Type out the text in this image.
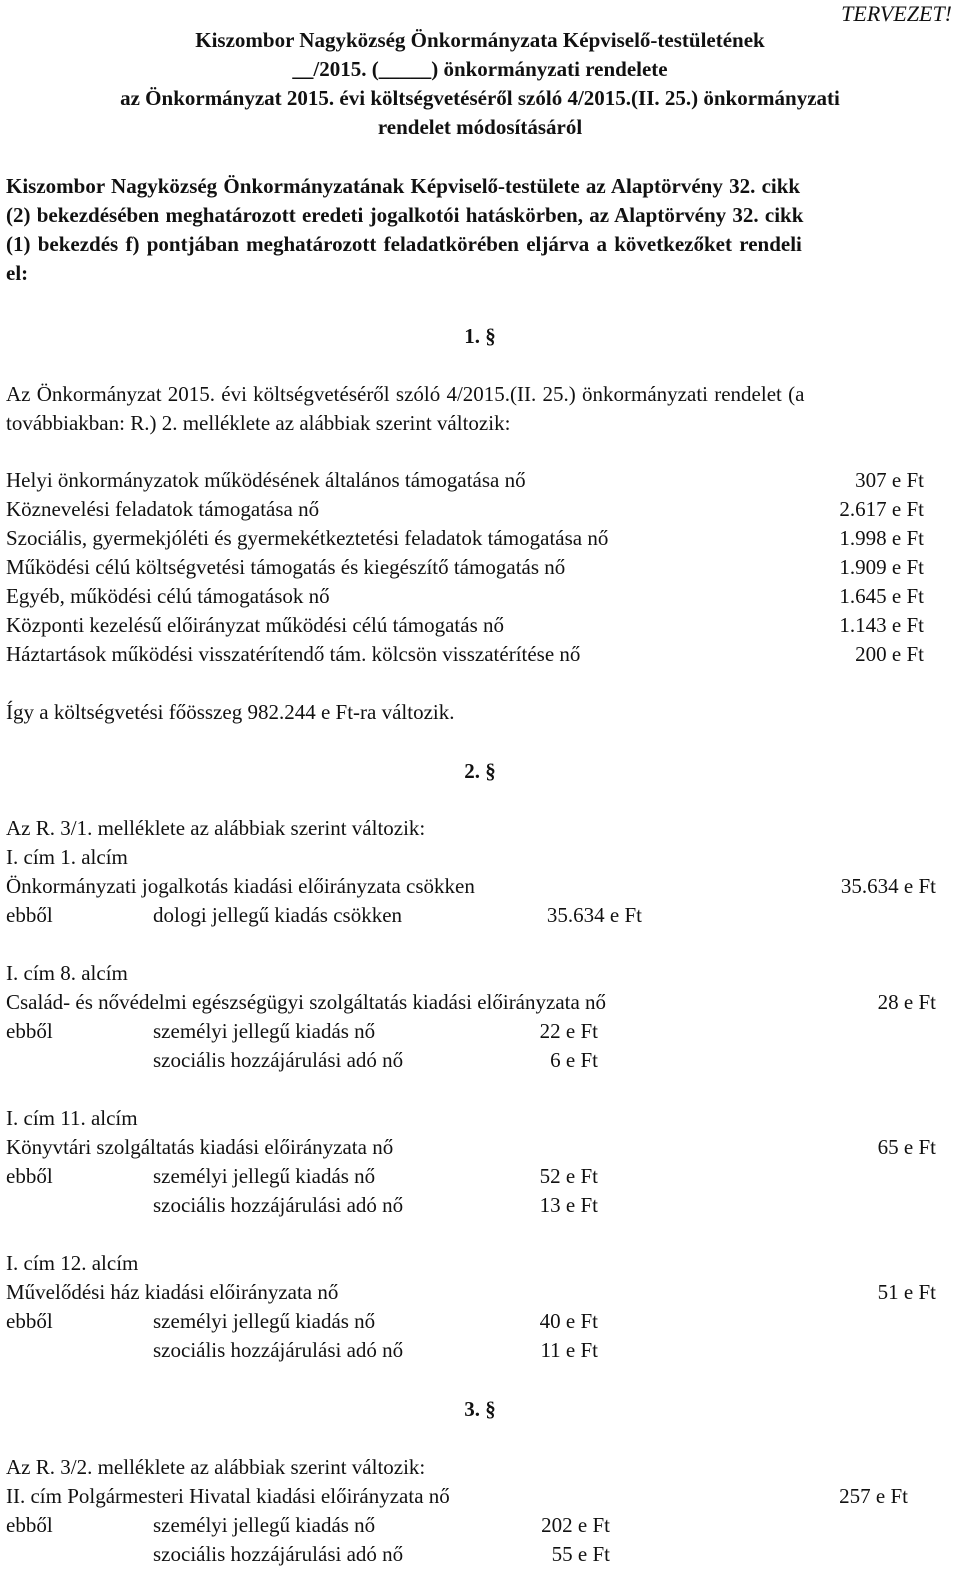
TERVEZET!
Kiszombor Nagyközség Önkormányzata Képviselő-testületének
__/2015. (_____) önkormányzati rendelete
az Önkormányzat 2015. évi költségvetéséről szóló 4/2015.(II. 25.) önkormányzati
rendelet módosításáról
Kiszombor Nagyközség Önkormányzatának Képviselő-testülete az Alaptörvény 32. cikk
(2) bekezdésében meghatározott eredeti jogalkotói hatáskörben, az Alaptörvény 32. cikk
(1) bekezdés f) pontjában meghatározott feladatkörében eljárva a következőket rendeli
el:
1. §
Az Önkormányzat 2015. évi költségvetéséről szóló 4/2015.(II. 25.) önkormányzati rendelet (a
továbbiakban: R.) 2. melléklete az alábbiak szerint változik:
Helyi önkormányzatok működésének általános támogatása nő	307 e Ft
Köznevelési feladatok támogatása nő	2.617 e Ft
Szociális, gyermekjóléti és gyermekétkeztetési feladatok támogatása nő	1.998 e Ft
Működési célú költségvetési támogatás és kiegészítő támogatás nő	1.909 e Ft
Egyéb, működési célú támogatások nő	1.645 e Ft
Központi kezelésű előirányzat működési célú támogatás nő	1.143 e Ft
Háztartások működési visszatérítendő tám. kölcsön visszatérítése nő	200 e Ft
Így a költségvetési főösszeg 982.244 e Ft-ra változik.
2. §
Az R. 3/1. melléklete az alábbiak szerint változik:
I. cím 1. alcím
Önkormányzati jogalkotás kiadási előirányzata csökken	35.634 e Ft
ebből	dologi jellegű kiadás csökken	35.634 e Ft
I. cím 8. alcím
Család- és nővédelmi egészségügyi szolgáltatás kiadási előirányzata nő	28 e Ft
ebből	személyi jellegű kiadás nő	22 e Ft
szociális hozzájárulási adó nő	6 e Ft
I. cím 11. alcím
Könyvtári szolgáltatás kiadási előirányzata nő	65 e Ft
ebből	személyi jellegű kiadás nő	52 e Ft
szociális hozzájárulási adó nő	13 e Ft
I. cím 12. alcím
Művelődési ház kiadási előirányzata nő	51 e Ft
ebből	személyi jellegű kiadás nő	40 e Ft
szociális hozzájárulási adó nő	11 e Ft
3. §
Az R. 3/2. melléklete az alábbiak szerint változik:
II. cím Polgármesteri Hivatal kiadási előirányzata nő	257 e Ft
ebből	személyi jellegű kiadás nő	202 e Ft
szociális hozzájárulási adó nő	55 e Ft
